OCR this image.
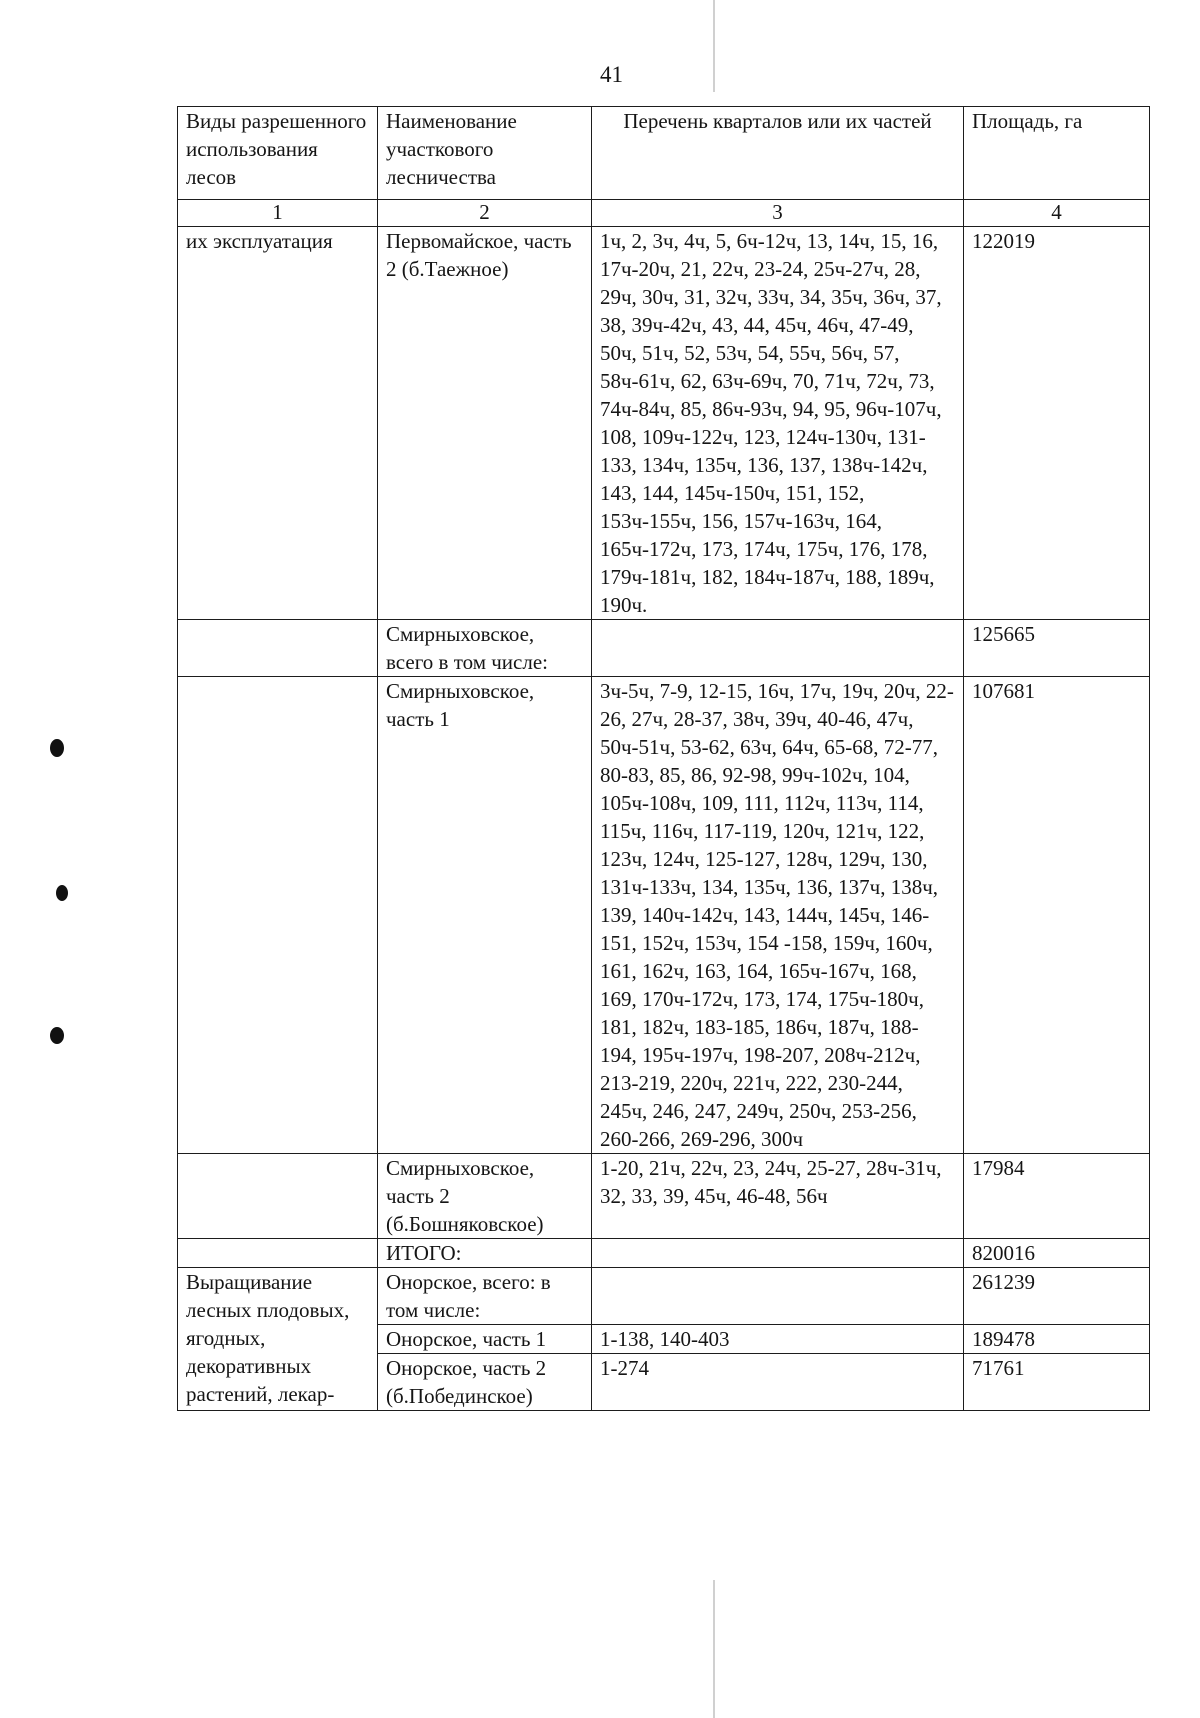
41
Виды разрешенного использования лесов	Наименование участкового лесничества	Перечень кварталов или их частей	Площадь, га
1	2	3	4
их эксплуатация	Первомайское, часть 2 (б.Таежное)	1ч, 2, 3ч, 4ч, 5, 6ч-12ч, 13, 14ч, 15, 16, 17ч-20ч, 21, 22ч, 23-24, 25ч-27ч, 28, 29ч, 30ч, 31, 32ч, 33ч, 34, 35ч, 36ч, 37, 38, 39ч-42ч, 43, 44, 45ч, 46ч, 47-49, 50ч, 51ч, 52, 53ч, 54, 55ч, 56ч, 57, 58ч-61ч, 62, 63ч-69ч, 70, 71ч, 72ч, 73, 74ч-84ч, 85, 86ч-93ч, 94, 95, 96ч-107ч, 108, 109ч-122ч, 123, 124ч-130ч, 131-133, 134ч, 135ч, 136, 137, 138ч-142ч, 143, 144, 145ч-150ч, 151, 152, 153ч-155ч, 156, 157ч-163ч, 164, 165ч-172ч, 173, 174ч, 175ч, 176, 178, 179ч-181ч, 182, 184ч-187ч, 188, 189ч, 190ч.	122019
	Смирныховское, всего в том числе:		125665
	Смирныховское, часть 1	3ч-5ч, 7-9, 12-15, 16ч, 17ч, 19ч, 20ч, 22-26, 27ч, 28-37, 38ч, 39ч, 40-46, 47ч, 50ч-51ч, 53-62, 63ч, 64ч, 65-68, 72-77, 80-83, 85, 86, 92-98, 99ч-102ч, 104, 105ч-108ч, 109, 111, 112ч, 113ч, 114, 115ч, 116ч, 117-119, 120ч, 121ч, 122, 123ч, 124ч, 125-127, 128ч, 129ч, 130, 131ч-133ч, 134, 135ч, 136, 137ч, 138ч, 139, 140ч-142ч, 143, 144ч, 145ч, 146-151, 152ч, 153ч, 154 -158, 159ч, 160ч, 161, 162ч, 163, 164, 165ч-167ч, 168, 169, 170ч-172ч, 173, 174, 175ч-180ч, 181, 182ч, 183-185, 186ч, 187ч, 188-194, 195ч-197ч, 198-207, 208ч-212ч, 213-219, 220ч, 221ч, 222, 230-244, 245ч, 246, 247, 249ч, 250ч, 253-256, 260-266, 269-296, 300ч	107681
	Смирныховское, часть 2 (б.Бошняковское)	1-20, 21ч, 22ч, 23, 24ч, 25-27, 28ч-31ч, 32, 33, 39, 45ч, 46-48, 56ч	17984
	ИТОГО:		820016
Выращивание лесных плодовых, ягодных, декоративных растений, лекар-	Онорское, всего: в том числе:		261239
	Онорское, часть 1	1-138, 140-403	189478
	Онорское, часть 2 (б.Побединское)	1-274	71761
